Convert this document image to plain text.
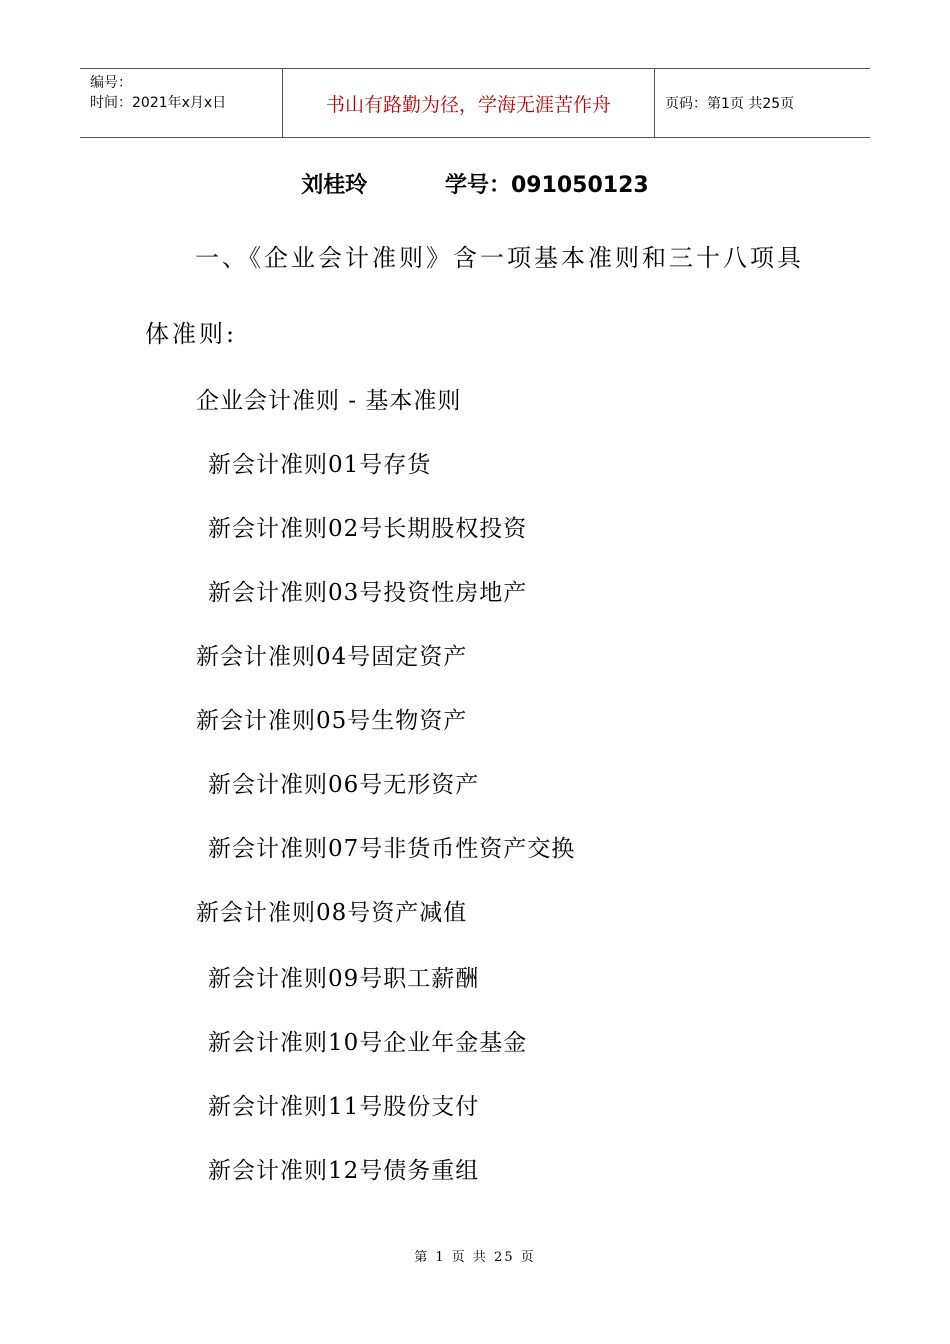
编号：
时间：2021年x月x日	书山有路勤为径，学海无涯苦作舟	页码：第1页 共25页
刘桂玲	学号：091050123
一、《企业会计准则》含一项基本准则和三十八项具
体准则:
企业会计准则 - 基本准则
新会计准则01号存货
新会计准则02号长期股权投资
新会计准则03号投资性房地产
新会计准则04号固定资产
新会计准则05号生物资产
新会计准则06号无形资产
新会计准则07号非货币性资产交换
新会计准则08号资产减值
新会计准则09号职工薪酬
新会计准则10号企业年金基金
新会计准则11号股份支付
新会计准则12号债务重组
第 1 页 共 25 页
